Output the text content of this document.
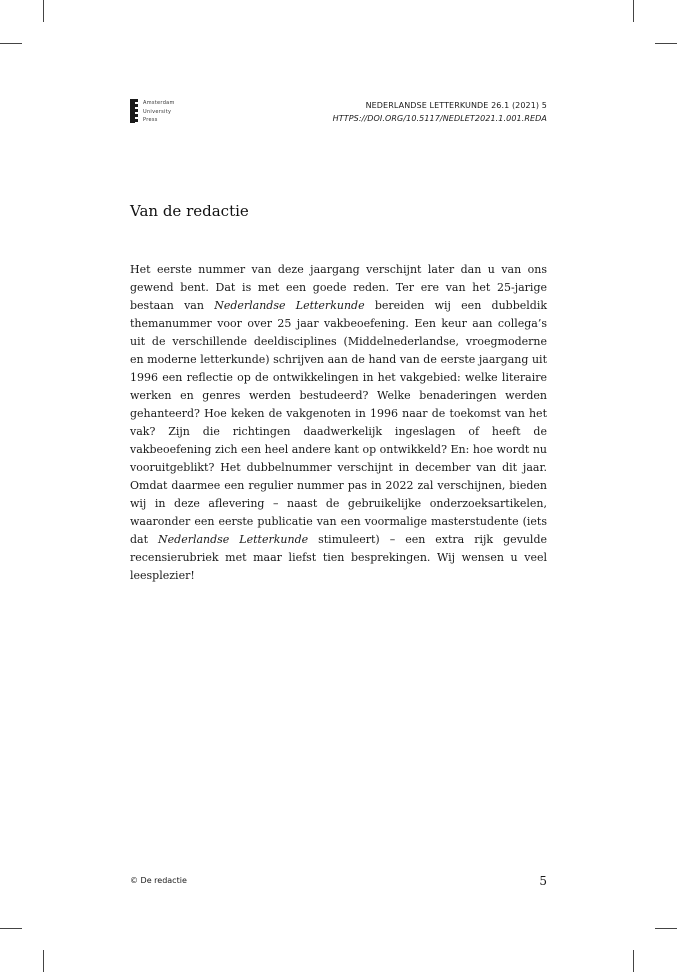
Amsterdam
University
Press
NEDERLANDSE LETTERKUNDE 26.1 (2021) 5
HTTPS://DOI.ORG/10.5117/NEDLET2021.1.001.REDA
Van de redactie

Het eerste nummer van deze jaargang verschijnt later dan u van ons gewend bent. Dat is met een goede reden. Ter ere van het 25-jarige bestaan van Nederlandse Letterkunde bereiden wij een dubbeldik themanummer voor over 25 jaar vakbeoefening. Een keur aan collega’s uit de verschillende deeldisciplines (Middelnederlandse, vroegmoderne en moderne letterkunde) schrijven aan de hand van de eerste jaargang uit 1996 een reflectie op de ontwikkelingen in het vakgebied: welke literaire werken en genres werden bestudeerd? Welke benaderingen werden gehanteerd? Hoe keken de vakgenoten in 1996 naar de toekomst van het vak? Zijn die richtingen daadwerkelijk ingeslagen of heeft de vakbeoefening zich een heel andere kant op ontwikkeld? En: hoe wordt nu vooruitgeblikt? Het dubbelnummer verschijnt in december van dit jaar. Omdat daarmee een regulier nummer pas in 2022 zal verschijnen, bieden wij in deze aflevering – naast de gebruikelijke onderzoeksartikelen, waaronder een eerste publicatie van een voormalige masterstudente (iets dat Nederlandse Letterkunde stimuleert) – een extra rijk gevulde recensierubriek met maar liefst tien besprekingen. Wij wensen u veel leesplezier!

© De redactie	5
